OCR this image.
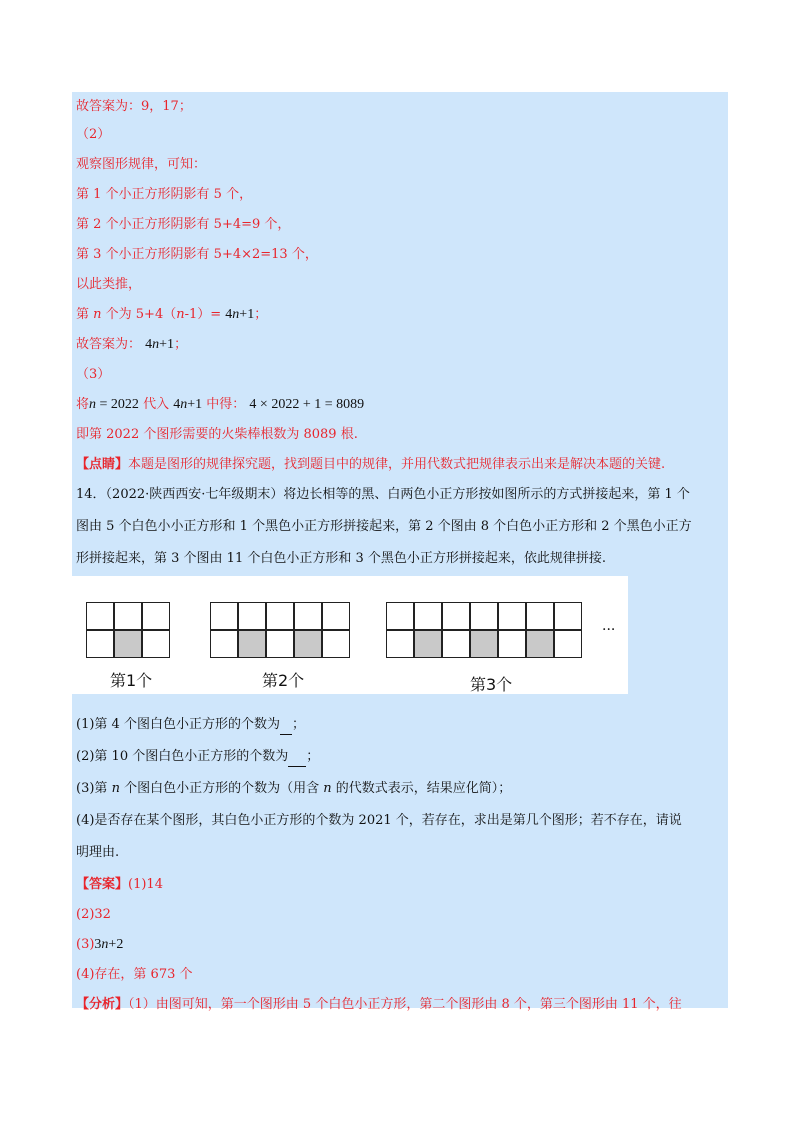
故答案为：9，17；
（2）
观察图形规律，可知：
第 1 个小正方形阴影有 5 个，
第 2 个小正方形阴影有 5+4=9 个，
第 3 个小正方形阴影有 5+4×2=13 个，
以此类推，
第 n 个为 5+4（n-1）= 4n+1；
故答案为： 4n+1；
（3）
将n = 2022 代入 4n+1 中得： 4 × 2022 + 1 = 8089
即第 2022 个图形需要的火柴棒根数为 8089 根.
【点睛】本题是图形的规律探究题，找到题目中的规律，并用代数式把规律表示出来是解决本题的关键.
14．（2022·陕西西安·七年级期末）将边长相等的黑、白两色小正方形按如图所示的方式拼接起来，第 1 个
图由 5 个白色小小正方形和 1 个黑色小正方形拼接起来，第 2 个图由 8 个白色小正方形和 2 个黑色小正方
形拼接起来，第 3 个图由 11 个白色小正方形和 3 个黑色小正方形拼接起来，依此规律拼接.
第1个	第2个	第3个
···
(1)第 4 个图白色小正方形的个数为 ；
(2)第 10 个图白色小正方形的个数为 ；
(3)第 n 个图白色小正方形的个数为（用含 n 的代数式表示，结果应化简）；
(4)是否存在某个图形，其白色小正方形的个数为 2021 个，若存在，求出是第几个图形；若不存在，请说
明理由.
【答案】(1)14
(2)32
(3)3n+2
(4)存在，第 673 个
【分析】（1）由图可知，第一个图形由 5 个白色小正方形，第二个图形由 8 个，第三个图形由 11 个，往
